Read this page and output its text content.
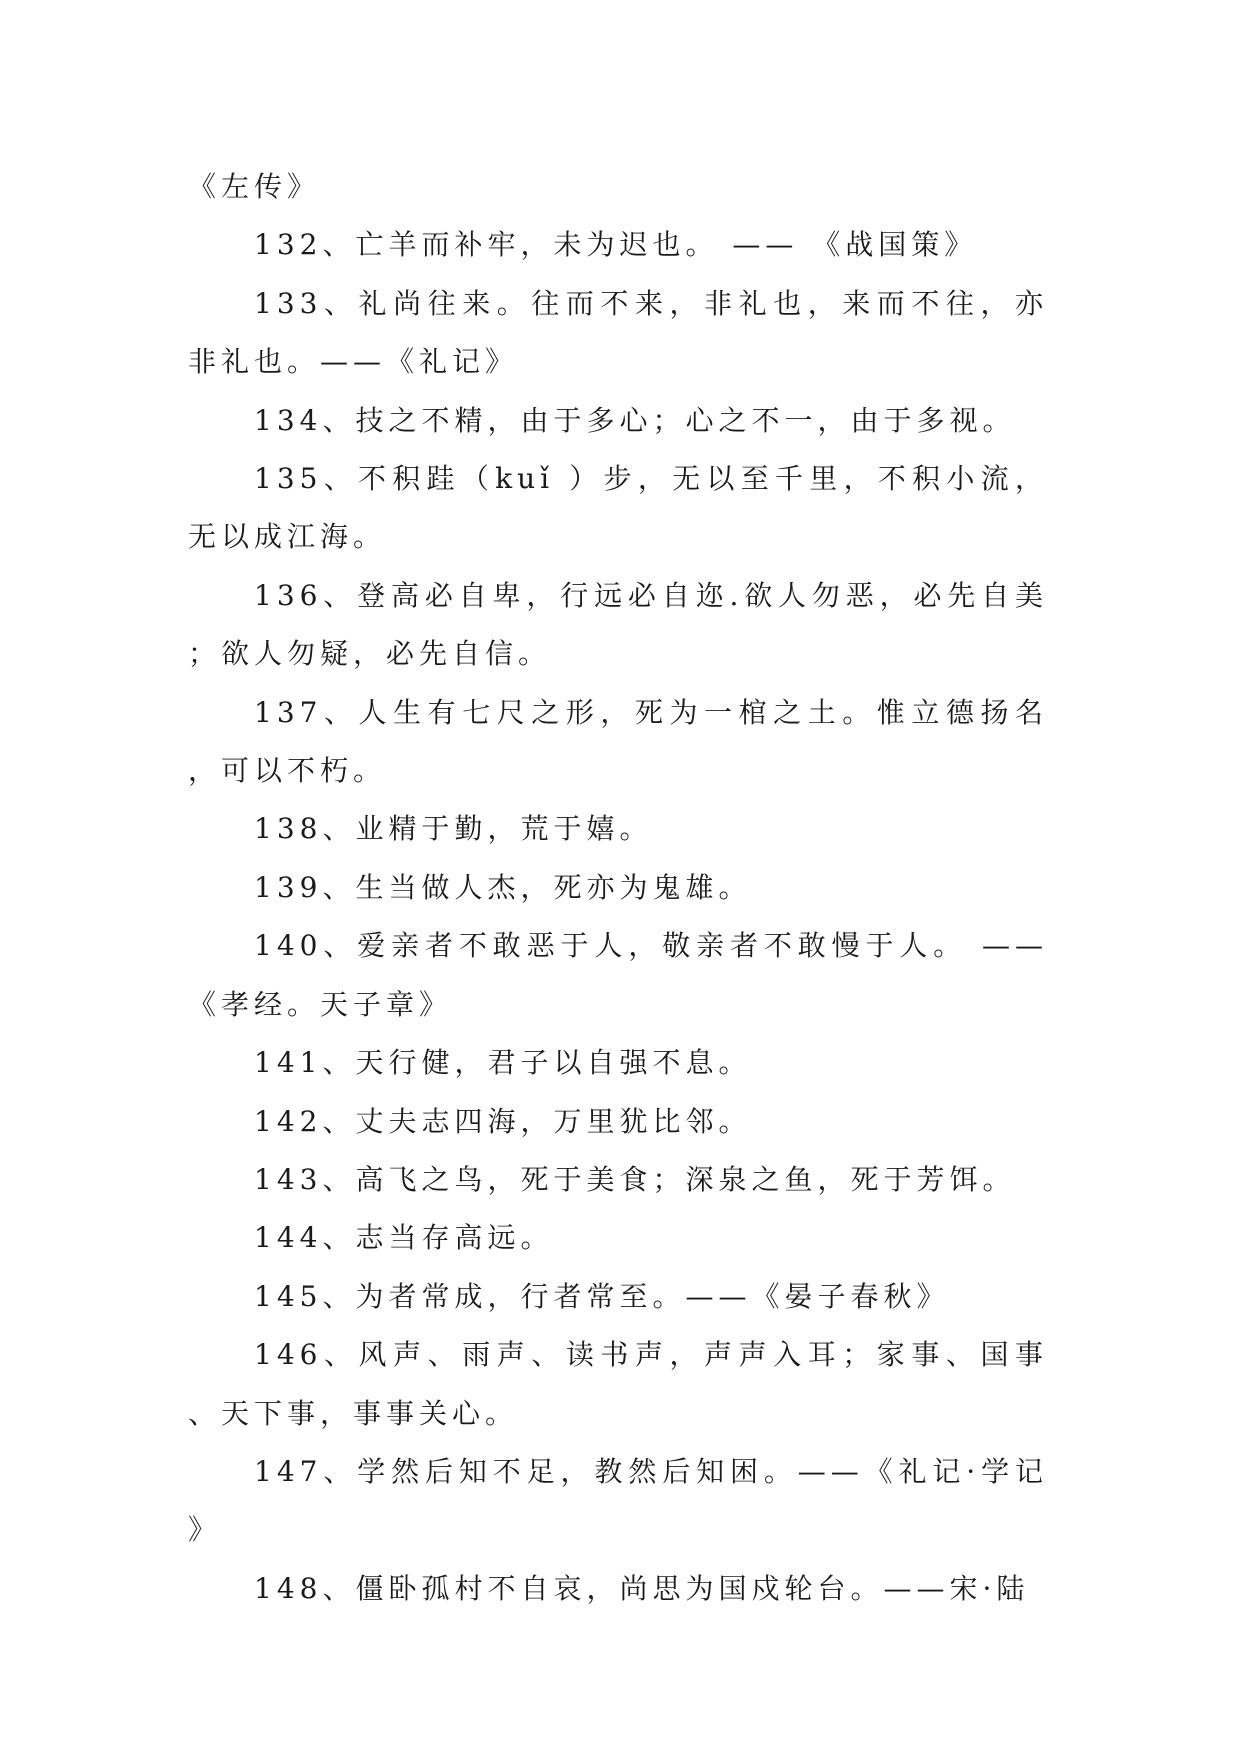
《左传》

132、亡羊而补牢，未为迟也。 —— 《战国策》

133、礼尚往来。往而不来，非礼也，来而不往，亦非礼也。——《礼记》

134、技之不精，由于多心；心之不一，由于多视。

135、不积跬（kuǐ ）步，无以至千里，不积小流，无以成江海。

136、登高必自卑，行远必自迩.欲人勿恶，必先自美；欲人勿疑，必先自信。

137、人生有七尺之形，死为一棺之土。惟立德扬名，可以不朽。

138、业精于勤，荒于嬉。

139、生当做人杰，死亦为鬼雄。

140、爱亲者不敢恶于人，敬亲者不敢慢于人。 ——《孝经。天子章》

141、天行健，君子以自强不息。

142、丈夫志四海，万里犹比邻。

143、高飞之鸟，死于美食；深泉之鱼，死于芳饵。

144、志当存高远。

145、为者常成，行者常至。——《晏子春秋》

146、风声、雨声、读书声，声声入耳；家事、国事、天下事，事事关心。

147、学然后知不足，教然后知困。——《礼记·学记》

148、僵卧孤村不自哀，尚思为国戍轮台。——宋·陆
